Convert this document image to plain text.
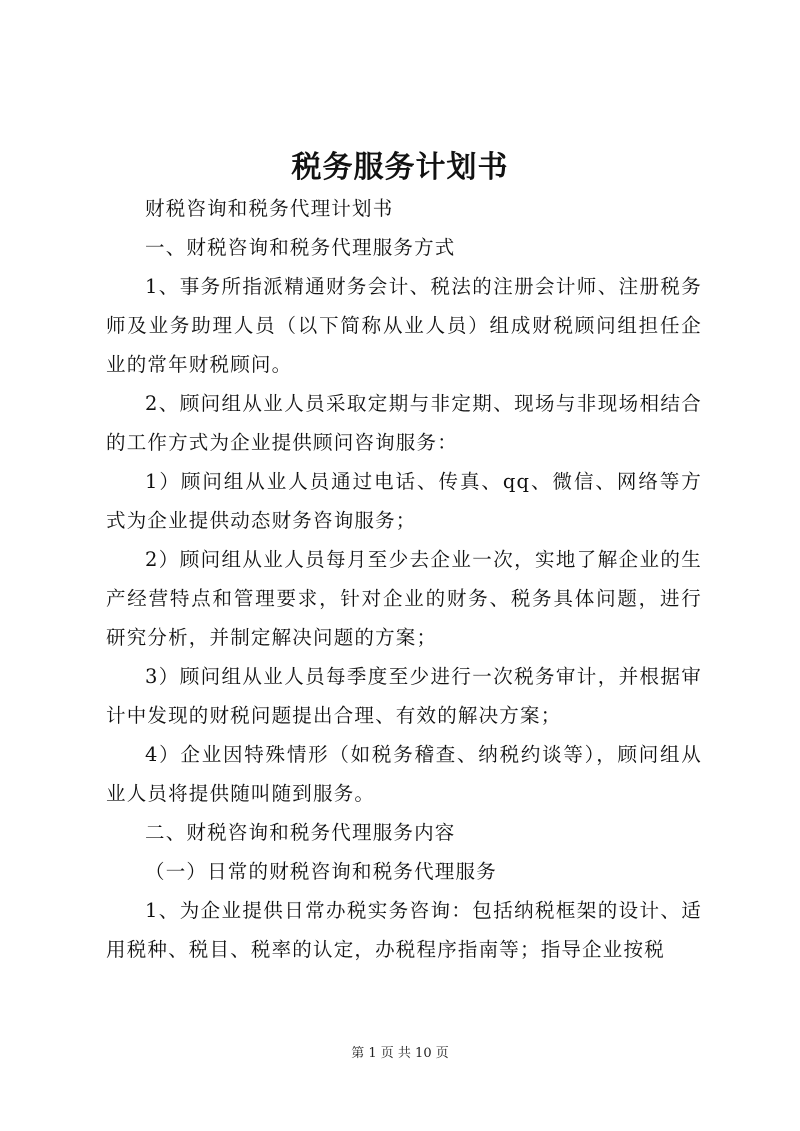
税务服务计划书

财税咨询和税务代理计划书

一、财税咨询和税务代理服务方式

1、事务所指派精通财务会计、税法的注册会计师、注册税务师及业务助理人员（以下简称从业人员）组成财税顾问组担任企业的常年财税顾问。

2、顾问组从业人员采取定期与非定期、现场与非现场相结合的工作方式为企业提供顾问咨询服务：

1）顾问组从业人员通过电话、传真、qq、微信、网络等方式为企业提供动态财务咨询服务；

2）顾问组从业人员每月至少去企业一次，实地了解企业的生产经营特点和管理要求，针对企业的财务、税务具体问题，进行研究分析，并制定解决问题的方案；

3）顾问组从业人员每季度至少进行一次税务审计，并根据审计中发现的财税问题提出合理、有效的解决方案；

4）企业因特殊情形（如税务稽查、纳税约谈等），顾问组从业人员将提供随叫随到服务。

二、财税咨询和税务代理服务内容

（一）日常的财税咨询和税务代理服务

1、为企业提供日常办税实务咨询：包括纳税框架的设计、适用税种、税目、税率的认定，办税程序指南等；指导企业按税

第 1 页 共 10 页
